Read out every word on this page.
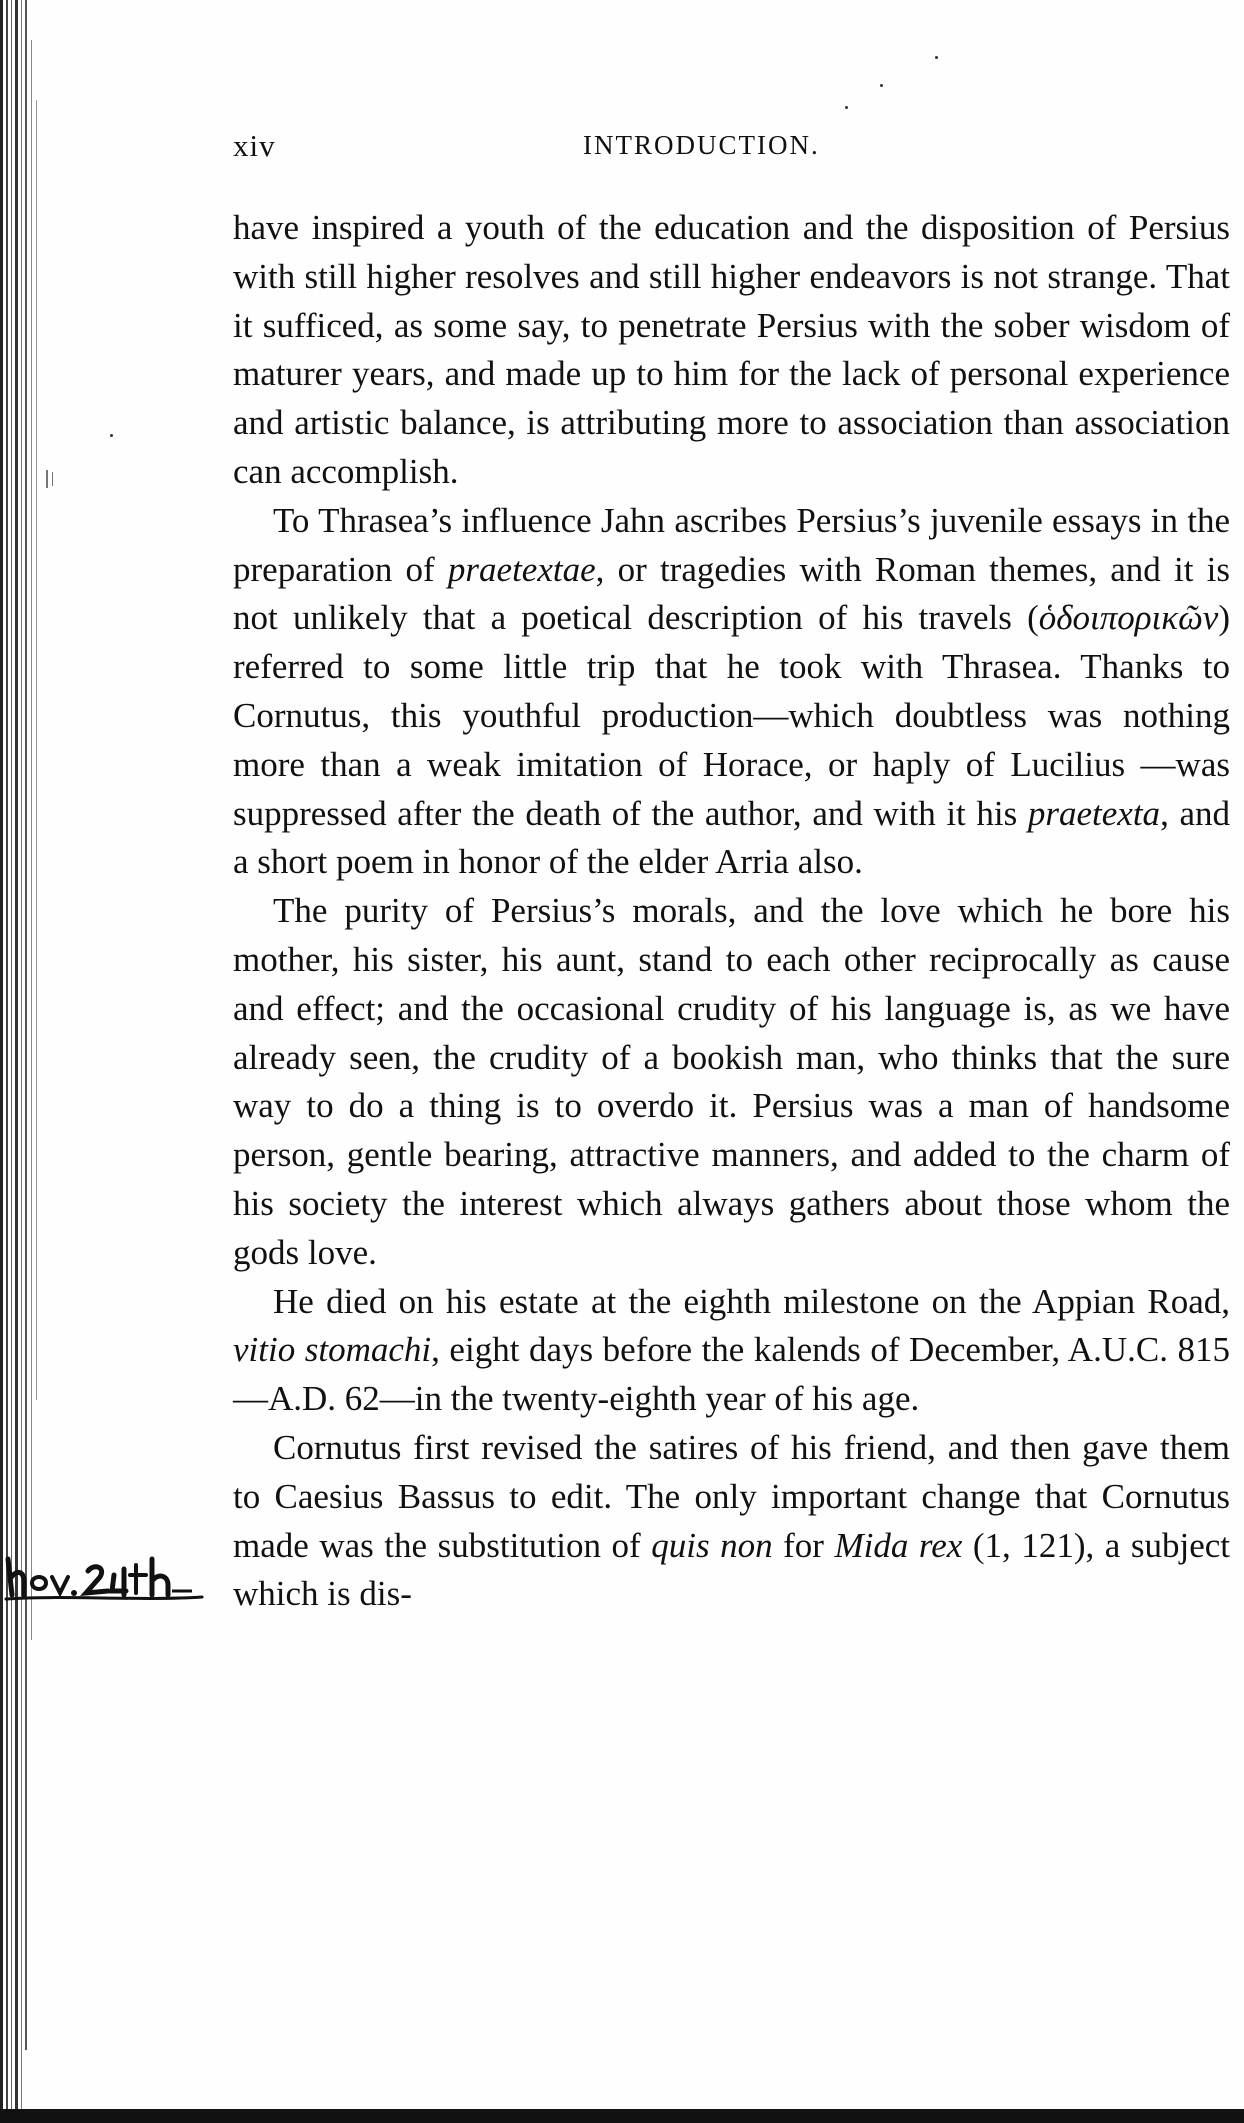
xiv	INTRODUCTION.

have inspired a youth of the education and the disposition of Persius with still higher resolves and still higher endeavors is not strange. That it sufficed, as some say, to penetrate Persius with the sober wisdom of maturer years, and made up to him for the lack of personal experience and artistic balance, is attributing more to association than association can accomplish.

To Thrasea’s influence Jahn ascribes Persius’s juvenile essays in the preparation of praetextae, or tragedies with Roman themes, and it is not unlikely that a poetical description of his travels (ὁδοιπορικῶν) referred to some little trip that he took with Thrasea. Thanks to Cornutus, this youthful production—which doubtless was nothing more than a weak imitation of Horace, or haply of Lucilius —was suppressed after the death of the author, and with it his praetexta, and a short poem in honor of the elder Arria also.

The purity of Persius’s morals, and the love which he bore his mother, his sister, his aunt, stand to each other reciprocally as cause and effect; and the occasional crudity of his language is, as we have already seen, the crudity of a bookish man, who thinks that the sure way to do a thing is to overdo it. Persius was a man of handsome person, gentle bearing, attractive manners, and added to the charm of his society the interest which always gathers about those whom the gods love.

He died on his estate at the eighth milestone on the Appian Road, vitio stomachi, eight days before the kalends of December, A.U.C. 815—A.D. 62—in the twenty-eighth year of his age.

Cornutus first revised the satires of his friend, and then gave them to Caesius Bassus to edit. The only important change that Cornutus made was the substitution of quis non for Mida rex (1, 121), a subject which is dis-
